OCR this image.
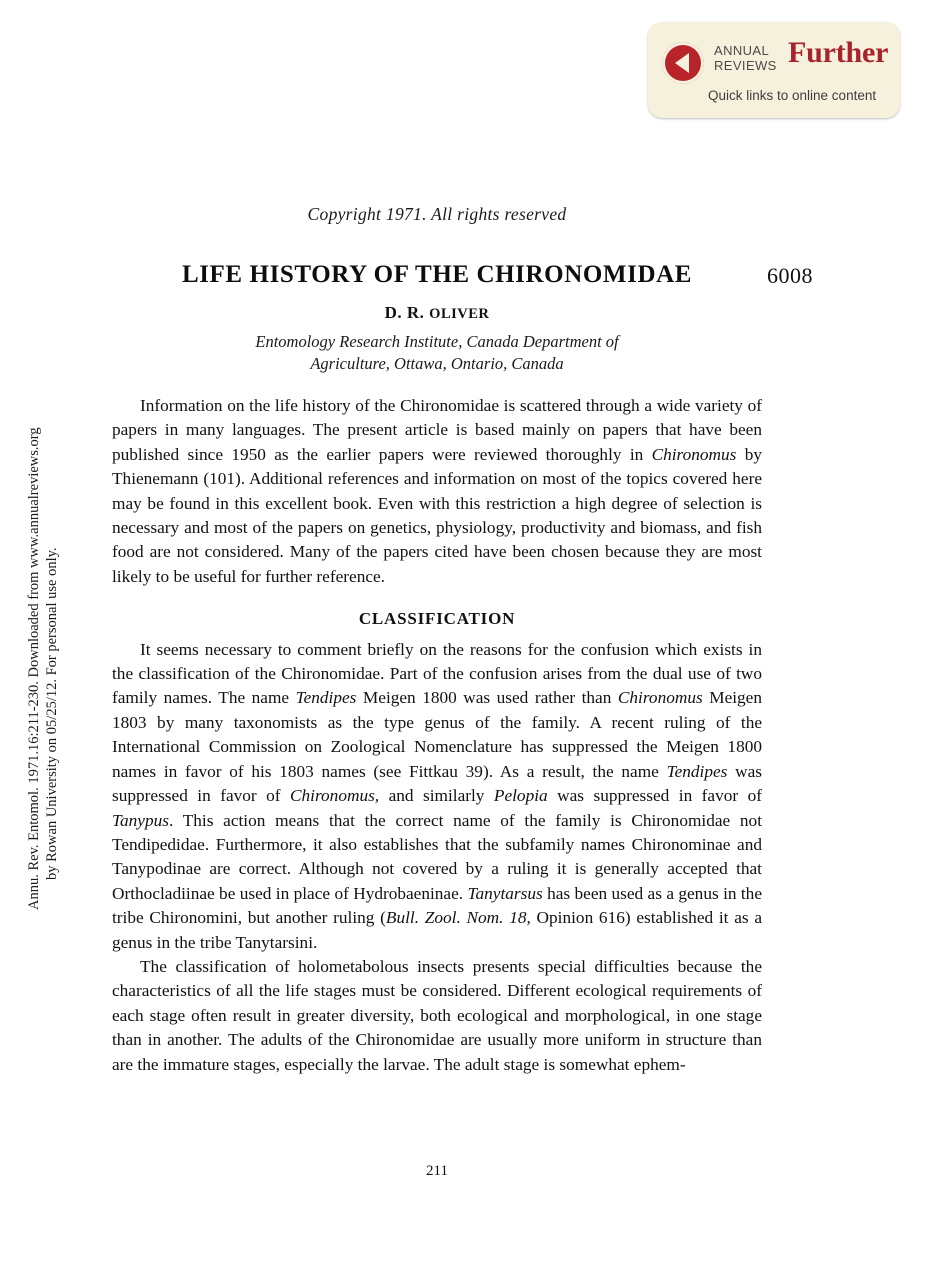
ANNUAL
REVIEWS Further
Quick links to online content
Annu. Rev. Entomol. 1971.16:211-230. Downloaded from www.annualreviews.org by Rowan University on 05/25/12. For personal use only.
Copyright 1971. All rights reserved
LIFE HISTORY OF THE CHIRONOMIDAE	6008
D. R. OLIVER
Entomology Research Institute, Canada Department of
Agriculture, Ottawa, Ontario, Canada

Information on the life history of the Chironomidae is scattered through a wide variety of papers in many languages. The present article is based mainly on papers that have been published since 1950 as the earlier papers were reviewed thoroughly in Chironomus by Thienemann (101). Additional references and information on most of the topics covered here may be found in this excellent book. Even with this restriction a high degree of selection is necessary and most of the papers on genetics, physiology, productivity and biomass, and fish food are not considered. Many of the papers cited have been chosen because they are most likely to be useful for further reference.

CLASSIFICATION

It seems necessary to comment briefly on the reasons for the confusion which exists in the classification of the Chironomidae. Part of the confusion arises from the dual use of two family names. The name Tendipes Meigen 1800 was used rather than Chironomus Meigen 1803 by many taxonomists as the type genus of the family. A recent ruling of the International Commission on Zoological Nomenclature has suppressed the Meigen 1800 names in favor of his 1803 names (see Fittkau 39). As a result, the name Tendipes was suppressed in favor of Chironomus, and similarly Pelopia was suppressed in favor of Tanypus. This action means that the correct name of the family is Chironomidae not Tendipedidae. Furthermore, it also establishes that the subfamily names Chironominae and Tanypodinae are correct. Although not covered by a ruling it is generally accepted that Orthocladiinae be used in place of Hydrobaeninae. Tanytarsus has been used as a genus in the tribe Chironomini, but another ruling (Bull. Zool. Nom. 18, Opinion 616) established it as a genus in the tribe Tanytarsini.

The classification of holometabolous insects presents special difficulties because the characteristics of all the life stages must be considered. Different ecological requirements of each stage often result in greater diversity, both ecological and morphological, in one stage than in another. The adults of the Chironomidae are usually more uniform in structure than are the immature stages, especially the larvae. The adult stage is somewhat ephem-

211
